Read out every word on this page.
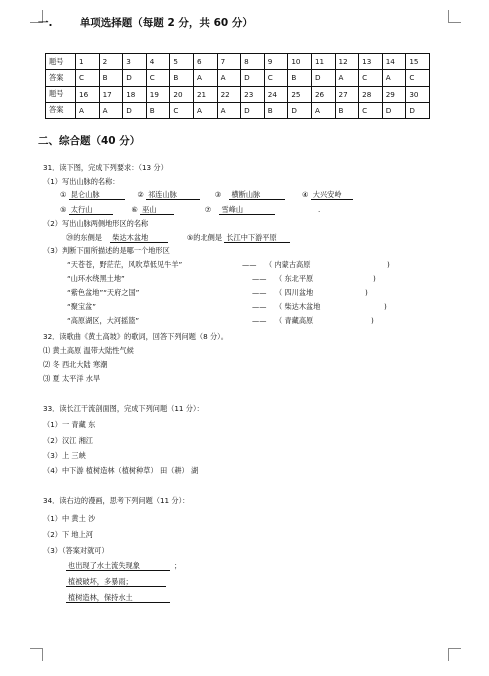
一.	单项选择题（每题 2 分，共 60 分）
题号	1	2	3	4	5	6	7	8	9	10	11	12	13	14	15
答案	C	B	D	C	B	A	A	D	C	B	D	A	C	A	C
题号	16	17	18	19	20	21	22	23	24	25	26	27	28	29	30
答案	A	A	D	B	C	A	A	D	B	D	A	B	C	D	D
二、综合题（40 分）
31．读下图，完成下列要求：（13 分）
（1）写出山脉的名称：
① 昆仑山脉	② 祁连山脉	③ 横断山脉	④ 大兴安岭
⑤ 太行山	⑥ 巫山	⑦ 雪峰山	.
（2）写出山脉两侧地形区的名称
⑳的东侧是 柴达木盆地	⑤的北侧是 长江中下游平原
（3）判断下面所描述的是哪一个地形区
“天苍苍，野茫茫，风吹草低见牛羊”	—— （ 内蒙古高原	)
“山环水绕黑土地”	—— （ 东北平原	)
“紫色盆地”“天府之国”	—— （ 四川盆地	)
“聚宝盆”	—— （ 柴达木盆地	)
“高原湖区，大河摇篮”	—— （ 青藏高原	)
32．读歌曲《黄土高坡》的歌词，回答下列问题（8 分）。
⑴ 黄土高原 温带大陆性气候
⑵ 冬 西北大陆 寒潮
⑶ 夏 太平洋 水旱
33．读长江干流剖面图，完成下列问题（11 分）：
（1）一 青藏 东
（2）汉江 湘江
（3）上 三峡
（4）中下游 植树造林（植树种草） 田（耕） 湖
34．读右边的漫画，思考下列问题（11 分）：
（1）中 黄土 沙
（2）下 地上河
（3）（答案对就可）
也出现了水土流失现象	；
植被破坏，多暴雨；
植树造林，保持水土
